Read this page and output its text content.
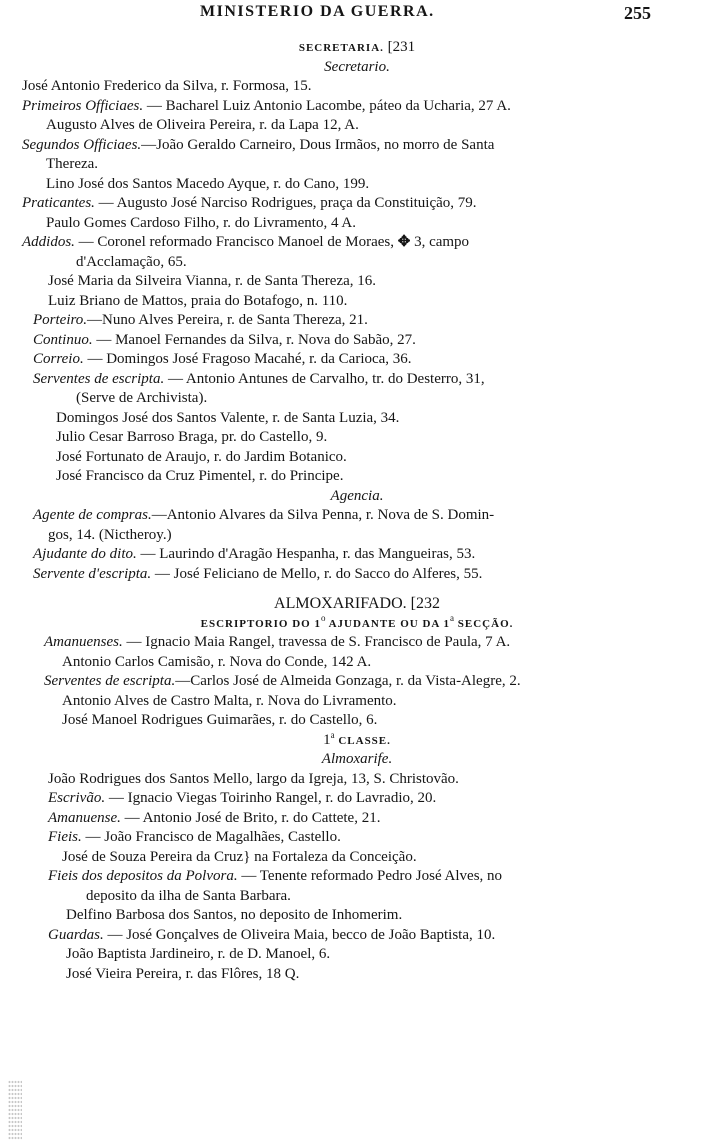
MINISTERIO DA GUERRA.	255
SECRETARIA. [231
Secretario.
José Antonio Frederico da Silva, r. Formosa, 15.
Primeiros Officiaes. — Bacharel Luiz Antonio Lacombe, páteo da Ucharia, 27 A.
Augusto Alves de Oliveira Pereira, r. da Lapa 12, A.
Segundos Officiaes.—João Geraldo Carneiro, Dous Irmãos, no morro de Santa
Thereza.
Lino José dos Santos Macedo Ayque, r. do Cano, 199.
Praticantes. — Augusto José Narciso Rodrigues, praça da Constituição, 79.
Paulo Gomes Cardoso Filho, r. do Livramento, 4 A.
Addidos. — Coronel reformado Francisco Manoel de Moraes, ✥ 3, campo
d'Acclamação, 65.
José Maria da Silveira Vianna, r. de Santa Thereza, 16.
Luiz Briano de Mattos, praia do Botafogo, n. 110.
Porteiro.—Nuno Alves Pereira, r. de Santa Thereza, 21.
Continuo. — Manoel Fernandes da Silva, r. Nova do Sabão, 27.
Correio. — Domingos José Fragoso Macahé, r. da Carioca, 36.
Serventes de escripta. — Antonio Antunes de Carvalho, tr. do Desterro, 31,
(Serve de Archivista).
Domingos José dos Santos Valente, r. de Santa Luzia, 34.
Julio Cesar Barroso Braga, pr. do Castello, 9.
José Fortunato de Araujo, r. do Jardim Botanico.
José Francisco da Cruz Pimentel, r. do Principe.
Agencia.
Agente de compras.—Antonio Alvares da Silva Penna, r. Nova de S. Domin-
gos, 14. (Nictheroy.)
Ajudante do dito. — Laurindo d'Aragão Hespanha, r. das Mangueiras, 53.
Servente d'escripta. — José Feliciano de Mello, r. do Sacco do Alferes, 55.
ALMOXARIFADO. [232
ESCRIPTORIO DO 1$^o$ AJUDANTE OU DA 1$^a$ SECÇÃO.
Amanuenses. — Ignacio Maia Rangel, travessa de S. Francisco de Paula, 7 A.
Antonio Carlos Camisão, r. Nova do Conde, 142 A.
Serventes de escripta.—Carlos José de Almeida Gonzaga, r. da Vista-Alegre, 2.
Antonio Alves de Castro Malta, r. Nova do Livramento.
José Manoel Rodrigues Guimarães, r. do Castello, 6.
1$^a$ CLASSE.
Almoxarife.
João Rodrigues dos Santos Mello, largo da Igreja, 13, S. Christovão.
Escrivão. — Ignacio Viegas Toirinho Rangel, r. do Lavradio, 20.
Amanuense. — Antonio José de Brito, r. do Cattete, 21.
Fieis. — João Francisco de Magalhães, Castello.
José de Souza Pereira da Cruz} na Fortaleza da Conceição.
Fieis dos depositos da Polvora. — Tenente reformado Pedro José Alves, no
deposito da ilha de Santa Barbara.
Delfino Barbosa dos Santos, no deposito de Inhomerim.
Guardas. — José Gonçalves de Oliveira Maia, becco de João Baptista, 10.
João Baptista Jardineiro, r. de D. Manoel, 6.
José Vieira Pereira, r. das Flôres, 18 Q.
